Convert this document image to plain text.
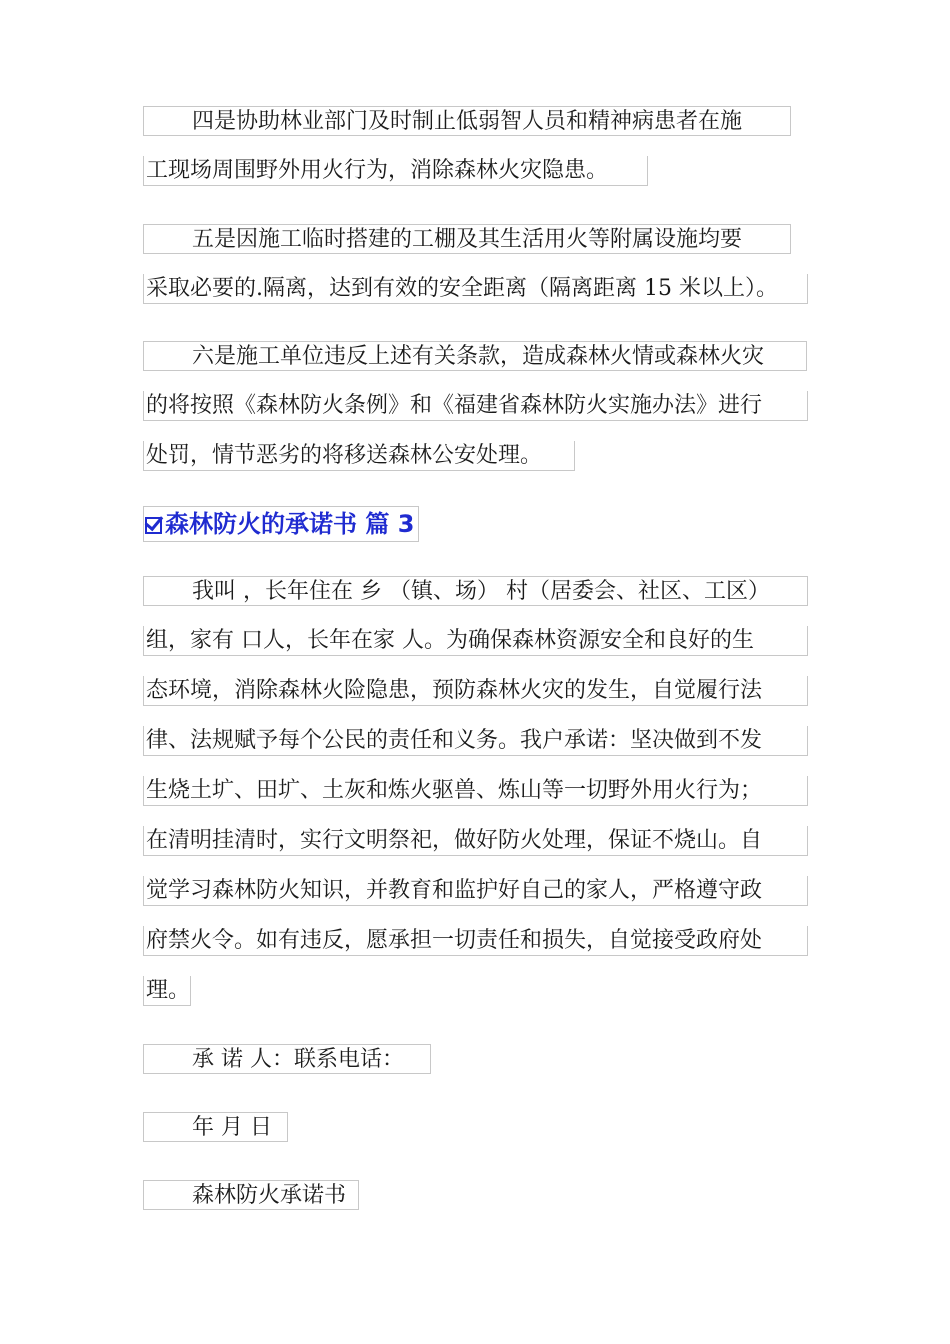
四是协助林业部门及时制止低弱智人员和精神病患者在施
工现场周围野外用火行为，消除森林火灾隐患。
五是因施工临时搭建的工棚及其生活用火等附属设施均要
采取必要的.隔离，达到有效的安全距离（隔离距离 15 米以上）。
六是施工单位违反上述有关条款，造成森林火情或森林火灾
的将按照《森林防火条例》和《福建省森林防火实施办法》进行
处罚，情节恶劣的将移送森林公安处理。
森林防火的承诺书 篇 3
我叫 ，长年住在 乡 （镇、场） 村（居委会、社区、工区）
组，家有 口人，长年在家 人。为确保森林资源安全和良好的生
态环境，消除森林火险隐患，预防森林火灾的发生，自觉履行法
律、法规赋予每个公民的责任和义务。我户承诺：坚决做到不发
生烧土圹、田圹、土灰和炼火驱兽、炼山等一切野外用火行为；
在清明挂清时，实行文明祭祀，做好防火处理，保证不烧山。自
觉学习森林防火知识，并教育和监护好自己的家人，严格遵守政
府禁火令。如有违反，愿承担一切责任和损失，自觉接受政府处
理。
承 诺 人：联系电话：
年 月 日
森林防火承诺书
